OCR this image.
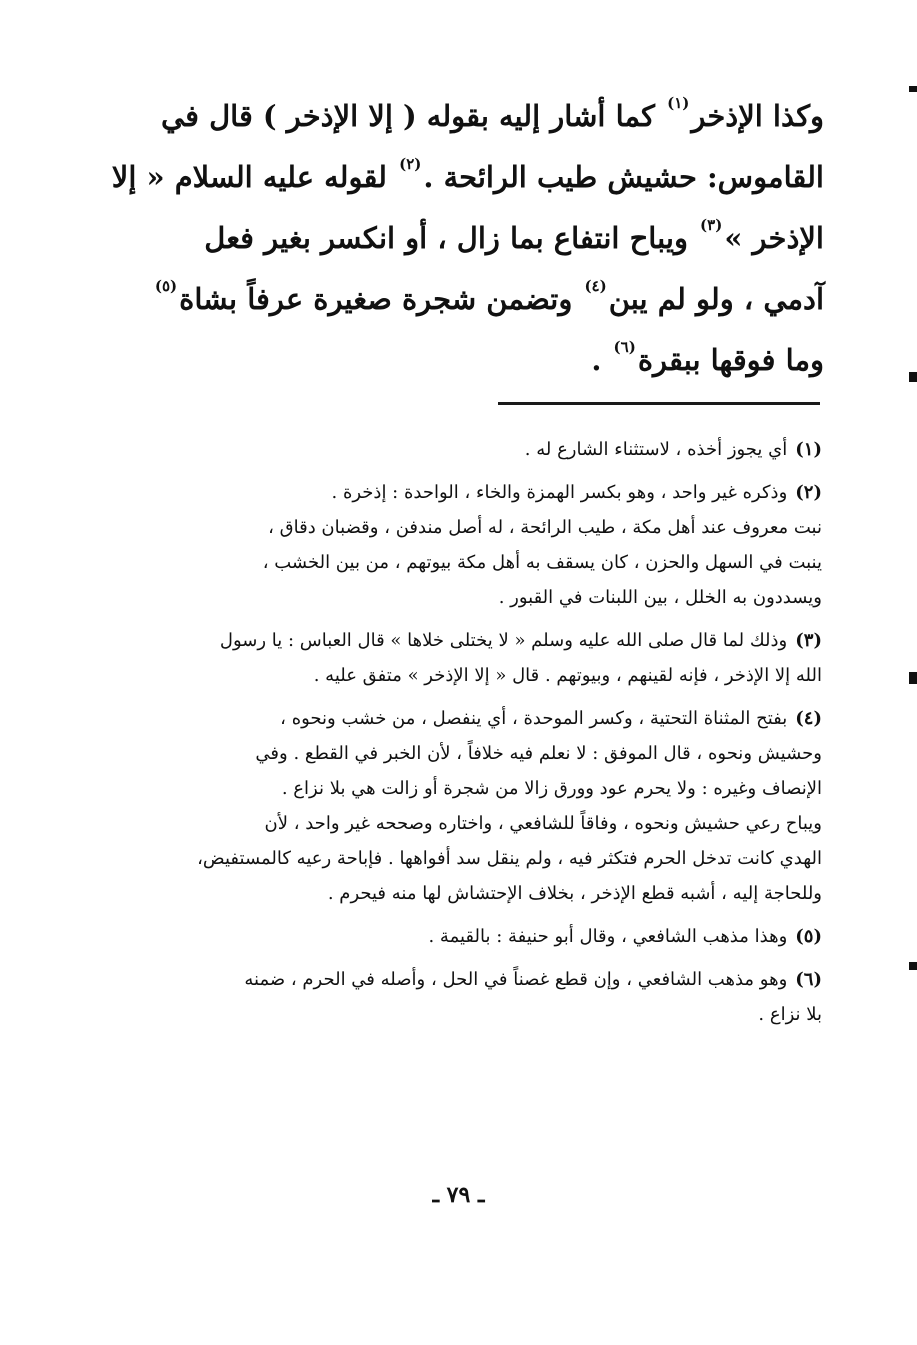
وكذا الإذخر$^{(١)}$ كما أشار إليه بقوله ( إلا الإذخر ) قال في
القاموس: حشيش طيب الرائحة .$^{(٢)}$ لقوله عليه السلام « إلا
الإذخر »$^{(٣)}$ ويباح انتفاع بما زال ، أو انكسر بغير فعل
آدمي ، ولو لم يبن$^{(٤)}$ وتضمن شجرة صغيرة عرفاً بشاة$^{(٥)}$
وما فوقها ببقرة$^{(٦)}$ .
(١)أي يجوز أخذه ، لاستثناء الشارع له .
(٢)وذكره غير واحد ، وهو بكسر الهمزة والخاء ، الواحدة : إذخرة .
نبت معروف عند أهل مكة ، طيب الرائحة ، له أصل مندفن ، وقضبان دقاق ،
ينبت في السهل والحزن ، كان يسقف به أهل مكة بيوتهم ، من بين الخشب ،
ويسددون به الخلل ، بين اللبنات في القبور .
(٣)وذلك لما قال صلى الله عليه وسلم « لا يختلى خلاها » قال العباس : يا رسول
الله إلا الإذخر ، فإنه لقينهم ، وبيوتهم . قال « إلا الإذخر » متفق عليه .
(٤)بفتح المثناة التحتية ، وكسر الموحدة ، أي ينفصل ، من خشب ونحوه ،
وحشيش ونحوه ، قال الموفق : لا نعلم فيه خلافاً ، لأن الخبر في القطع . وفي
الإنصاف وغيره : ولا يحرم عود وورق زالا من شجرة أو زالت هي بلا نزاع .
ويباح رعي حشيش ونحوه ، وفاقاً للشافعي ، واختاره وصححه غير واحد ، لأن
الهدي كانت تدخل الحرم فتكثر فيه ، ولم ينقل سد أفواهها . فإباحة رعيه كالمستفيض،
وللحاجة إليه ، أشبه قطع الإذخر ، بخلاف الإحتشاش لها منه فيحرم .
(٥)وهذا مذهب الشافعي ، وقال أبو حنيفة : بالقيمة .
(٦)وهو مذهب الشافعي ، وإن قطع غصناً في الحل ، وأصله في الحرم ، ضمنه
بلا نزاع .
ـ ٧٩ ـ
